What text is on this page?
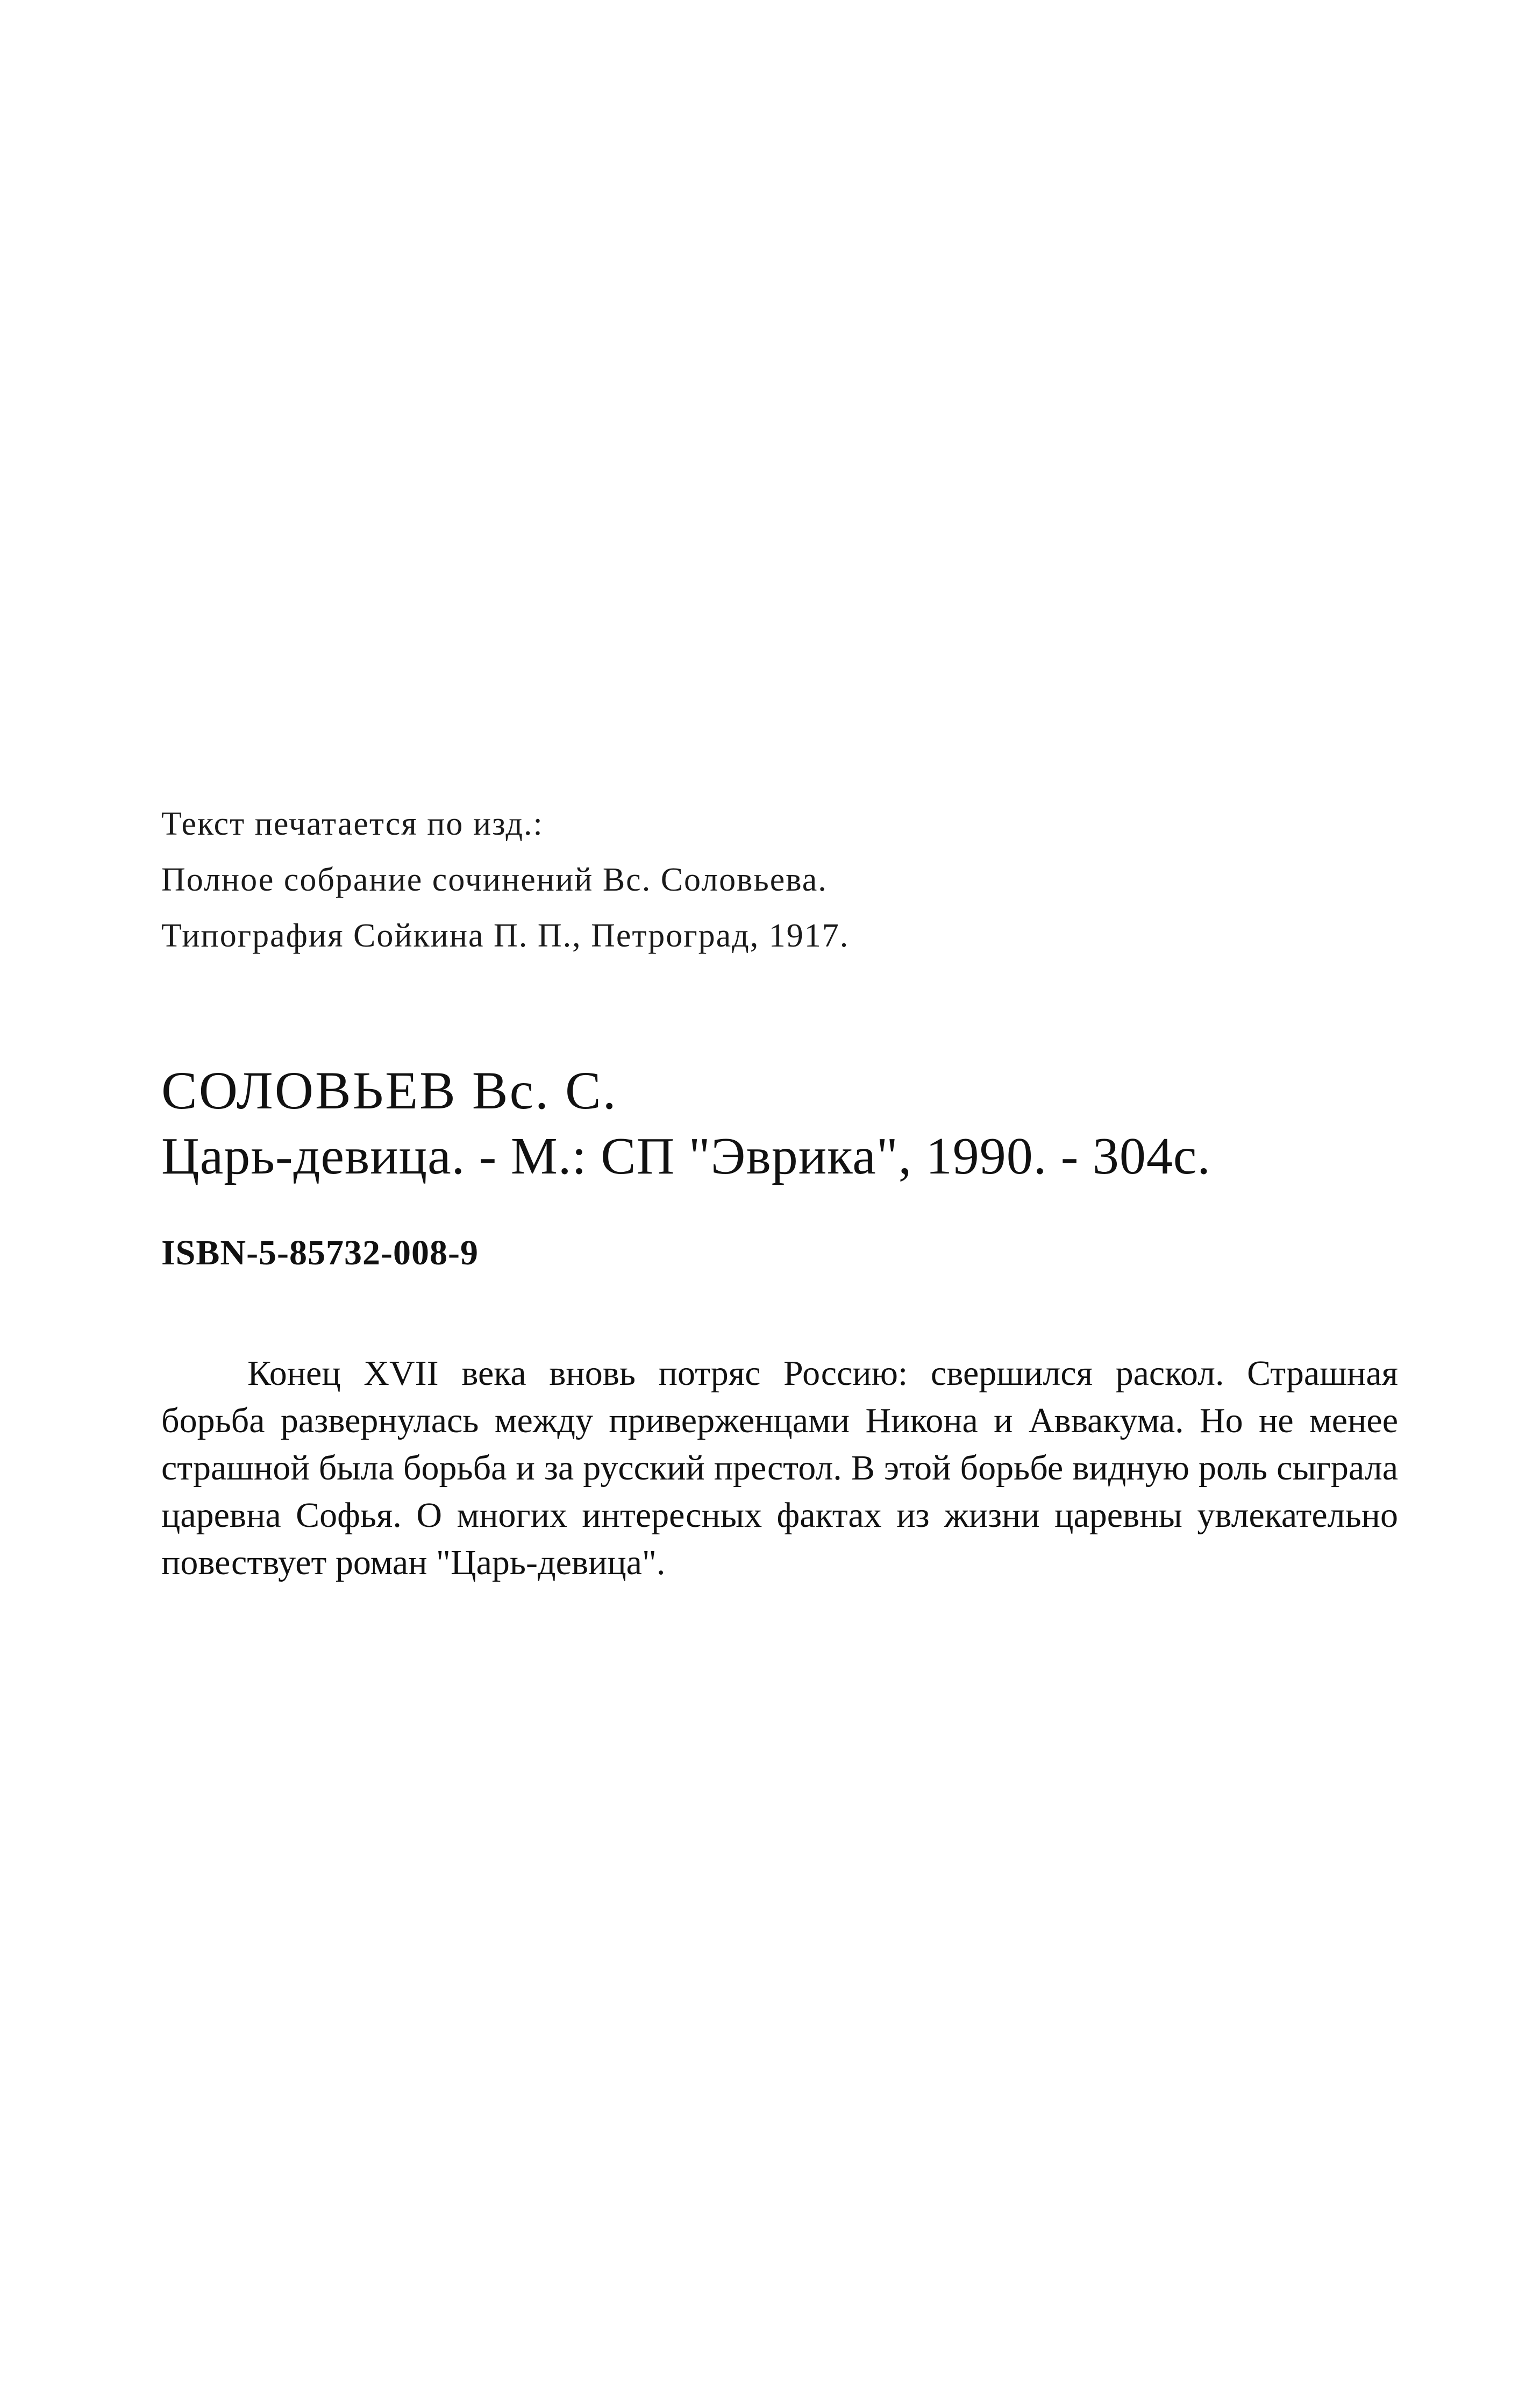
Текст печатается по изд.:
Полное собрание сочинений Вс. Соловьева.
Типография Сойкина П. П., Петроград, 1917.
СОЛОВЬЕВ Вс. С.
Царь-девица. - М.: СП "Эврика", 1990. - 304с.
ISBN-5-85732-008-9
Конец XVII века вновь потряс Россию: свершился раскол. Страшная борьба развернулась между приверженцами Никона и Аввакума. Но не менее страшной была борьба и за русский престол. В этой борьбе видную роль сыграла царевна Софья. О многих интересных фактах из жизни царевны увлекательно повествует роман "Царь-девица".
